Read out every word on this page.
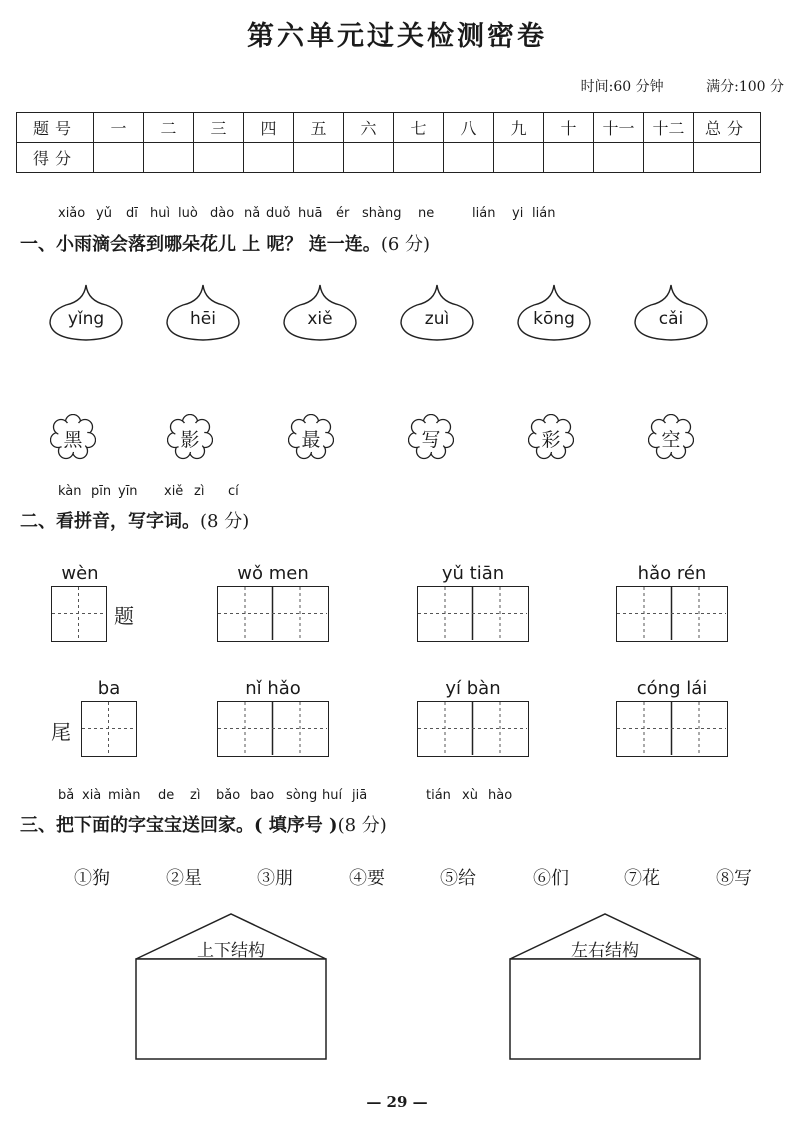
第六单元过关检测密卷
时间:60 分钟	满分:100 分
题号	一	二	三	四	五	六	七	八	九	十	十一	十二	总分
得分													
xiǎo yǔ dī huì luò dào nǎ duǒ huā ér shàng ne	lián yi lián
一、小雨滴会落到哪朵花儿 上 呢？ 连一连。(6 分)
yǐng	hēi	xiě	zuì	kōng	cǎi
黑	影	最	写	彩	空
kàn pīn yīn xiě zì cí
二、看拼音，写字词。(8 分)
wèn
题
wǒ men	yǔ tiān	hǎo rén
ba
尾
nǐ hǎo	yí bàn	cóng lái
bǎ xià miàn de zì bǎo bao sòng huí jiā	tián xù hào
三、把下面的字宝宝送回家。( 填序号 )(8 分)
①狗	②星	③朋	④要	⑤给	⑥们	⑦花	⑧写
上下结构	左右结构
— 29 —
